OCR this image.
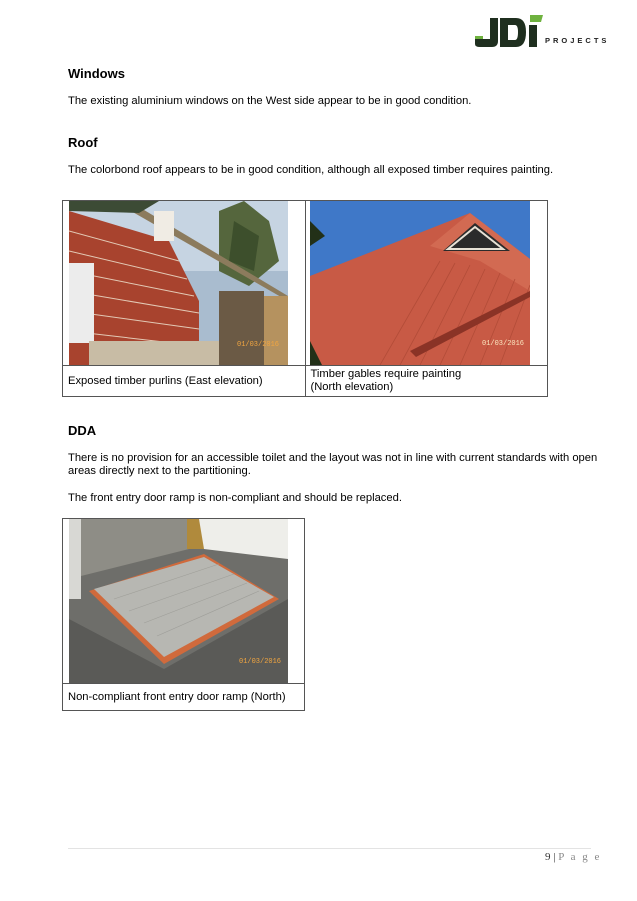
PROJECTS
Windows
The existing aluminium windows on the West side appear to be in good condition.
Roof
The colorbond roof appears to be in good condition, although all exposed timber requires painting.
01/03/2016	01/03/2016

Exposed timber purlins (East elevation)	Timber gables require painting
(North elevation)
DDA
There is no provision for an accessible toilet and the layout was not in line with current standards with open areas directly next to the partitioning.
The front entry door ramp is non-compliant and should be replaced.
01/03/2016

Non-compliant front entry door ramp (North)
9 | P a g e
